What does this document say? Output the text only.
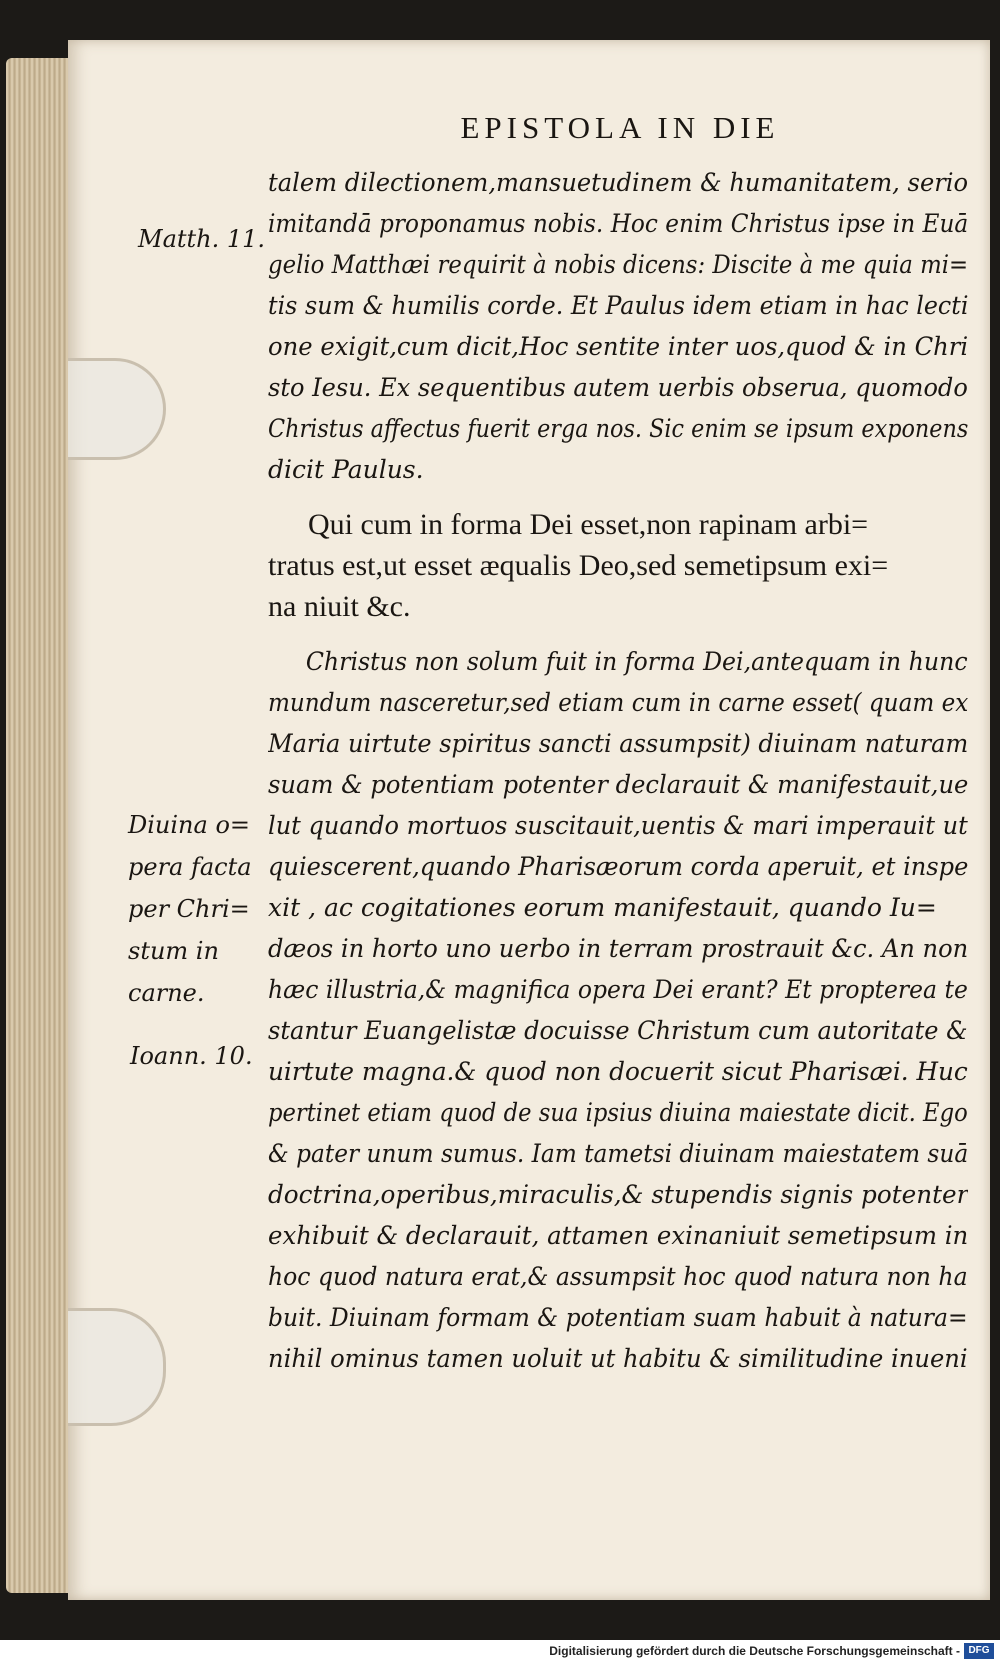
EPISTOLA IN DIE
Matth. 11.
Diuina o=
pera facta
per Chri=
stum in
carne.
Ioann. 10.
talem dilectionem,mansuetudinem & humanitatem, serio
imitandā proponamus nobis. Hoc enim Christus ipse in Euā
gelio Matthæi requirit à nobis dicens: Discite à me quia mi=
tis sum & humilis corde. Et Paulus idem etiam in hac lecti
one exigit,cum dicit,Hoc sentite inter uos,quod & in Chri
sto Iesu. Ex sequentibus autem uerbis obserua, quomodo
Christus affectus fuerit erga nos. Sic enim se ipsum exponens
dicit Paulus.
Qui cum in forma Dei esset,non rapinam arbi=
tratus est,ut esset æqualis Deo,sed semetipsum exi=
na niuit &c.
Christus non solum fuit in forma Dei,antequam in hunc
mundum nasceretur,sed etiam cum in carne esset( quam ex
Maria uirtute spiritus sancti assumpsit) diuinam naturam
suam & potentiam potenter declarauit & manifestauit,ue
lut quando mortuos suscitauit,uentis & mari imperauit ut
quiescerent,quando Pharisæorum corda aperuit, et inspe
xit , ac cogitationes eorum manifestauit, quando Iu=
dæos in horto uno uerbo in terram prostrauit &c. An non
hæc illustria,& magnifica opera Dei erant? Et propterea te
stantur Euangelistæ docuisse Christum cum autoritate &
uirtute magna.& quod non docuerit sicut Pharisæi. Huc
pertinet etiam quod de sua ipsius diuina maiestate dicit. Ego
& pater unum sumus. Iam tametsi diuinam maiestatem suā
doctrina,operibus,miraculis,& stupendis signis potenter
exhibuit & declarauit, attamen exinaniuit semetipsum in
hoc quod natura erat,& assumpsit hoc quod natura non ha
buit. Diuinam formam & potentiam suam habuit à natura=
nihil ominus tamen uoluit ut habitu & similitudine inueni
Digitalisierung gefördert durch die Deutsche Forschungsgemeinschaft - DFG
